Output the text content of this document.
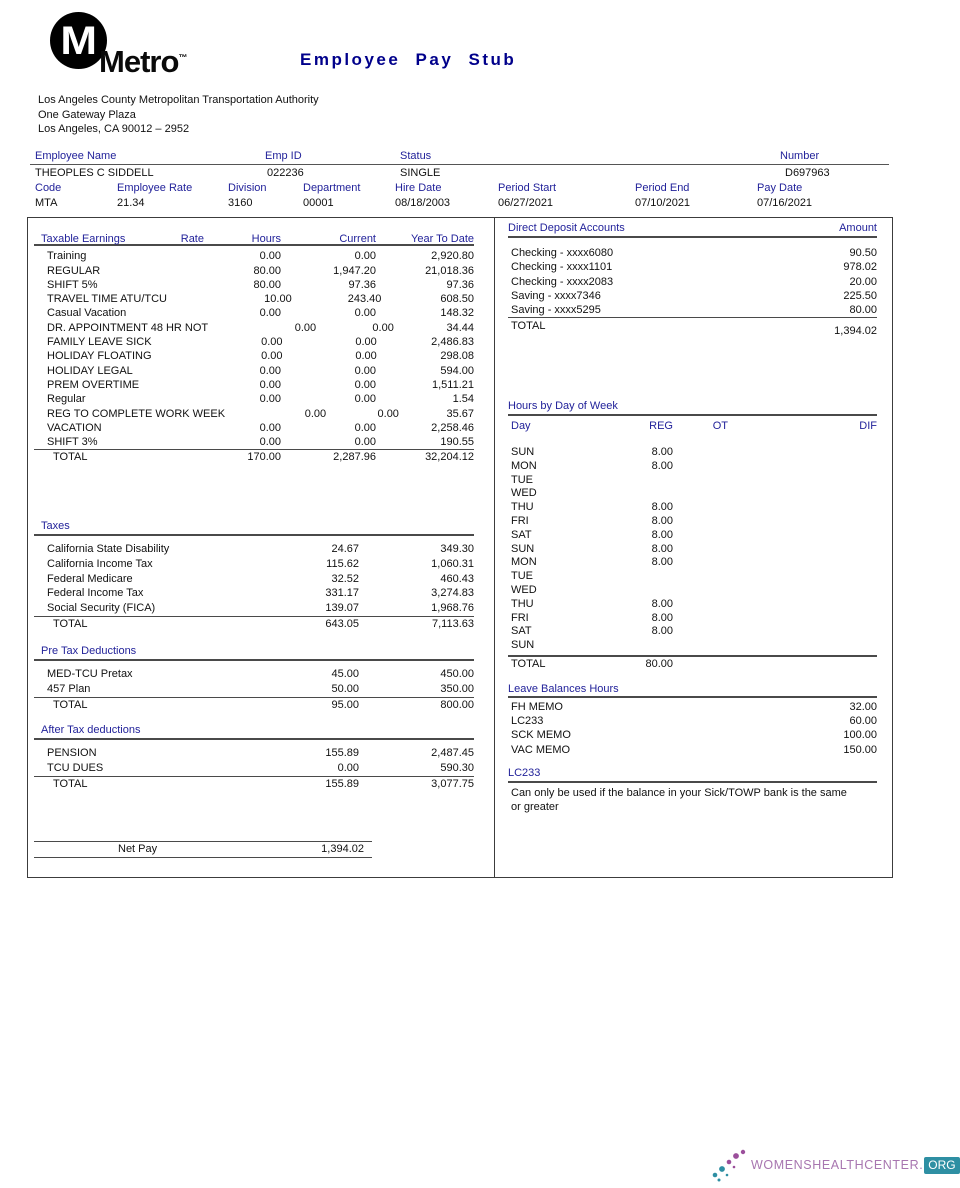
M Metro™	Employee Pay Stub
Los Angeles County Metropolitan Transportation Authority
One Gateway Plaza
Los Angeles, CA 90012 – 2952
Employee Name	Emp ID	Status	Number
THEOPLES C SIDDELL	022236	SINGLE	D697963
Code	Employee Rate	Division	Department	Hire Date	Period Start	Period End	Pay Date
MTA	21.34	3160	00001	08/18/2003	06/27/2021	07/10/2021	07/16/2021
Taxable Earnings	Rate	Hours	Current	Year To Date
Training	0.00	0.00	2,920.80
REGULAR	80.00	1,947.20	21,018.36
SHIFT 5%	80.00	97.36	97.36
TRAVEL TIME ATU/TCU	10.00	243.40	608.50
Casual Vacation	0.00	0.00	148.32
DR. APPOINTMENT 48 HR NOT	0.00	0.00	34.44
FAMILY LEAVE SICK	0.00	0.00	2,486.83
HOLIDAY FLOATING	0.00	0.00	298.08
HOLIDAY LEGAL	0.00	0.00	594.00
PREM OVERTIME	0.00	0.00	1,511.21
Regular	0.00	0.00	1.54
REG TO COMPLETE WORK WEEK	0.00	0.00	35.67
VACATION	0.00	0.00	2,258.46
SHIFT 3%	0.00	0.00	190.55
TOTAL	170.00	2,287.96	32,204.12
Taxes
California State Disability	24.67	349.30
California Income Tax	115.62	1,060.31
Federal Medicare	32.52	460.43
Federal Income Tax	331.17	3,274.83
Social Security (FICA)	139.07	1,968.76
TOTAL	643.05	7,113.63
Pre Tax Deductions
MED-TCU Pretax	45.00	450.00
457 Plan	50.00	350.00
TOTAL	95.00	800.00
After Tax deductions
PENSION	155.89	2,487.45
TCU DUES	0.00	590.30
TOTAL	155.89	3,077.75
Net Pay	1,394.02
Direct Deposit Accounts	Amount
Checking - xxxx6080	90.50
Checking - xxxx1101	978.02
Checking - xxxx2083	20.00
Saving - xxxx7346	225.50
Saving - xxxx5295	80.00
TOTAL	1,394.02
Hours by Day of Week
Day	REG	OT	DIF
SUN	8.00
MON	8.00
TUE
WED
THU	8.00
FRI	8.00
SAT	8.00
SUN	8.00
MON	8.00
TUE
WED
THU	8.00
FRI	8.00
SAT	8.00
SUN
TOTAL	80.00
Leave Balances Hours
FH MEMO	32.00
LC233	60.00
SCK MEMO	100.00
VAC MEMO	150.00
LC233
Can only be used if the balance in your Sick/TOWP bank is the same or greater
WOMENSHEALTHCENTER. ORG
